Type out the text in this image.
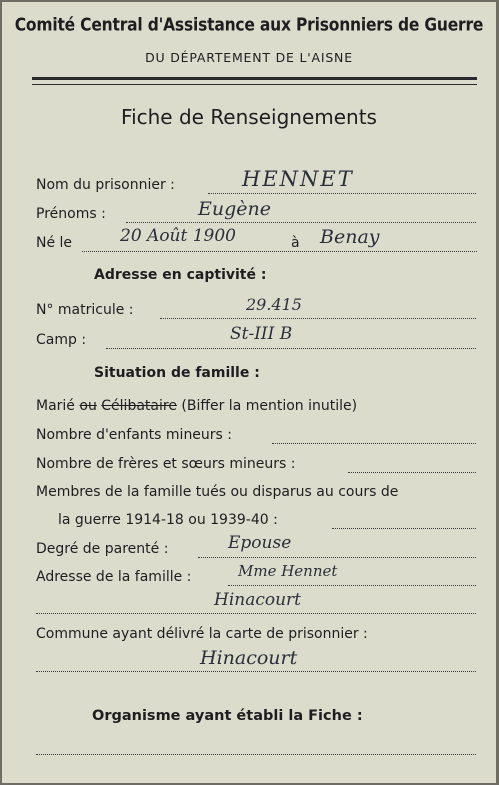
Comité Central d'Assistance aux Prisonniers de Guerre
DU DÉPARTEMENT DE L'AISNE
Fiche de Renseignements
Nom du prisonnier :	HENNET
Prénoms :	Eugène
Né le	20 Août 1900	à Benay
Adresse en captivité :
N° matricule :	29.415
Camp :	St-III B
Situation de famille :
Marié ou Célibataire (Biffer la mention inutile)
Nombre d'enfants mineurs :
Nombre de frères et sœurs mineurs :
Membres de la famille tués ou disparus au cours de
la guerre 1914-18 ou 1939-40 :
Degré de parenté :	Epouse
Adresse de la famille :	Mme Hennet
Hinacourt
Commune ayant délivré la carte de prisonnier :
Hinacourt
Organisme ayant établi la Fiche :
